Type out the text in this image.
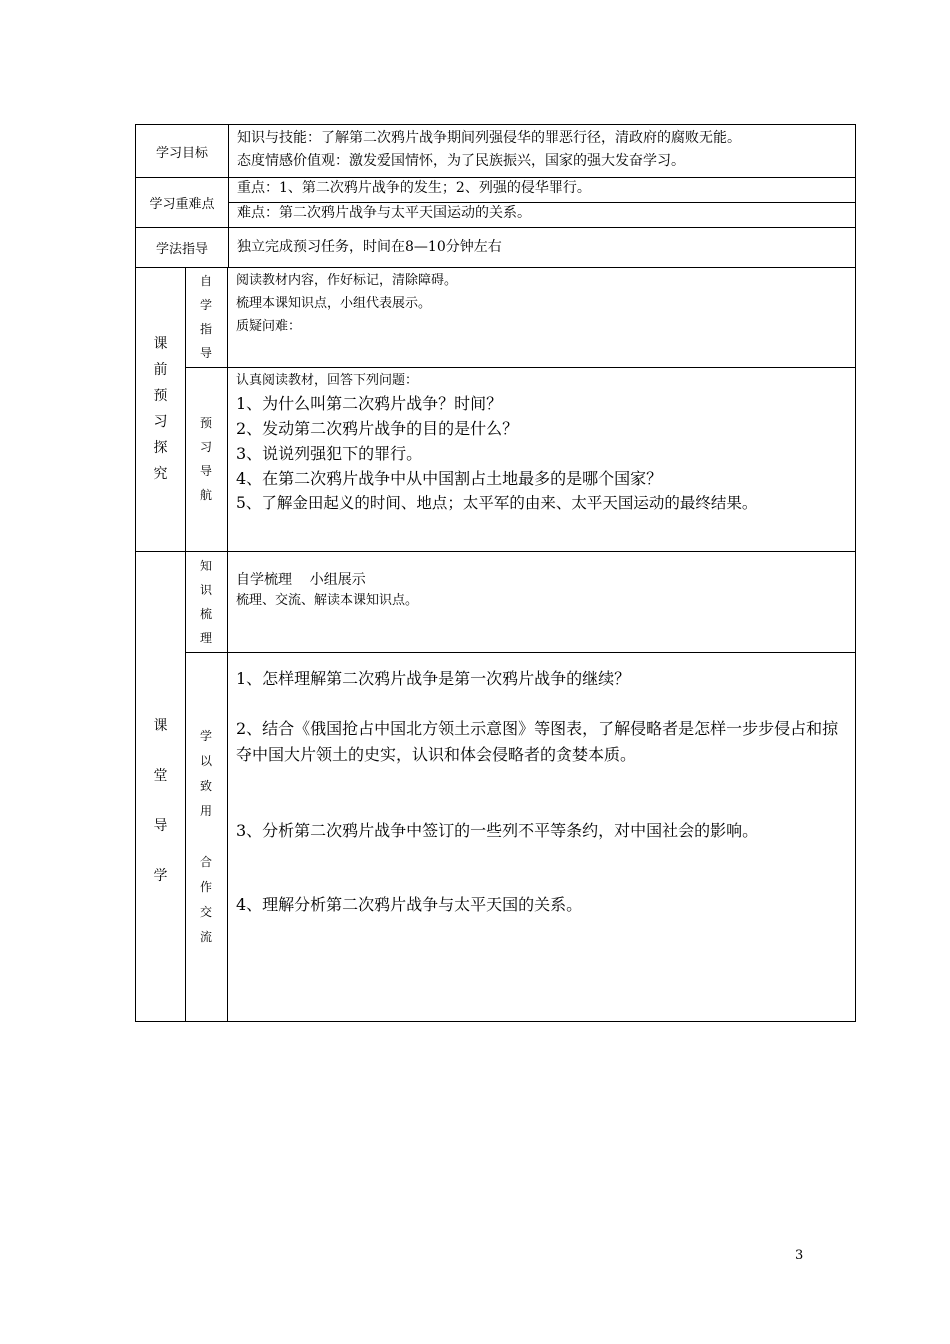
学习目标
知识与技能：了解第二次鸦片战争期间列强侵华的罪恶行径，清政府的腐败无能。
态度情感价值观：激发爱国情怀，为了民族振兴，国家的强大发奋学习。
学习重难点
重点：1、第二次鸦片战争的发生；2、列强的侵华罪行。
难点：第二次鸦片战争与太平天国运动的关系。
学法指导	独立完成预习任务，时间在8—10分钟左右
课
前
预
习
探
究
自
学
指
导
阅读教材内容，作好标记，清除障碍。
梳理本课知识点，小组代表展示。
质疑问难：
预
习
导
航
认真阅读教材，回答下列问题：
1、为什么叫第二次鸦片战争？时间？
2、发动第二次鸦片战争的目的是什么？
3、说说列强犯下的罪行。
4、在第二次鸦片战争中从中国割占土地最多的是哪个国家？
5、了解金田起义的时间、地点；太平军的由来、太平天国运动的最终结果。
课
堂
导
学
知
识
梳
理
自学梳理    小组展示
梳理、交流、解读本课知识点。
学
以
致
用
合
作
交
流
1、怎样理解第二次鸦片战争是第一次鸦片战争的继续？
2、结合《俄国抢占中国北方领土示意图》等图表，了解侵略者是怎样一步步侵占和掠夺中国大片领土的史实，认识和体会侵略者的贪婪本质。
3、分析第二次鸦片战争中签订的一些列不平等条约，对中国社会的影响。
4、理解分析第二次鸦片战争与太平天国的关系。
3
